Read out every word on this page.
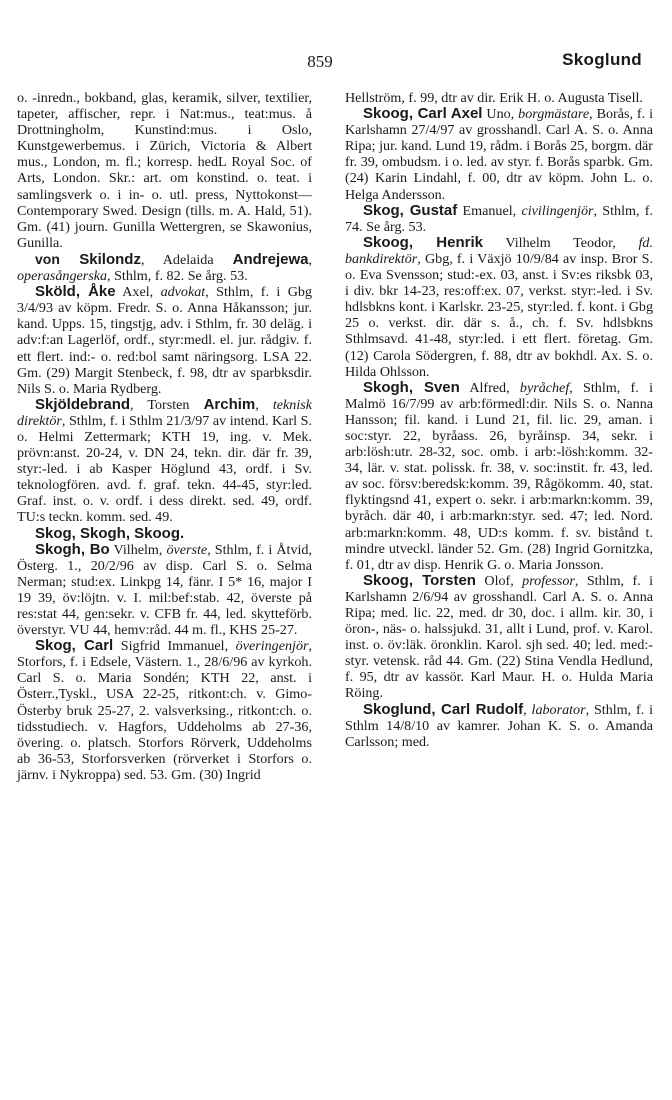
859	Skoglund

o. -inredn., bokband, glas, keramik, silver, textilier, tapeter, affischer, repr. i Nat:mus., teat:mus. å Drottningholm, Kunstind:mus. i Oslo, Kunstgewerbemus. i Zürich, Victoria & Albert mus., London, m. fl.; korresp. hedL Royal Soc. of Arts, London. Skr.: art. om konstind. o. teat. i samlingsverk o. i in- o. utl. press, Nyttokonst—Contemporary Swed. Design (tills. m. A. Hald, 51). Gm. (41) journ. Gunilla Wettergren, se Skawonius, Gunilla.

von Skilondz, Adelaida Andrejewa, operasångerska, Sthlm, f. 82. Se årg. 53.

Sköld, Åke Axel, advokat, Sthlm, f. i Gbg 3/4/93 av köpm. Fredr. S. o. Anna Håkansson; jur. kand. Upps. 15, tingstjg, adv. i Sthlm, fr. 30 deläg. i adv:f:an Lagerlöf, ordf., styr:medl. el. jur. rådgiv. f. ett flert. ind:- o. red:bol samt näringsorg. LSA 22. Gm. (29) Margit Stenbeck, f. 98, dtr av sparbksdir. Nils S. o. Maria Rydberg.

Skjöldebrand, Torsten Archim, teknisk direktör, Sthlm, f. i Sthlm 21/3/97 av intend. Karl S. o. Helmi Zettermark; KTH 19, ing. v. Mek. prövn:anst. 20-24, v. DN 24, tekn. dir. där fr. 39, styr:-led. i ab Kasper Höglund 43, ordf. i Sv. teknologfören. avd. f. graf. tekn. 44-45, styr:led. Graf. inst. o. v. ordf. i dess direkt. sed. 49, ordf. TU:s teckn. komm. sed. 49.

Skog, Skogh, Skoog.

Skogh, Bo Vilhelm, överste, Sthlm, f. i Åtvid, Österg. 1., 20/2/96 av disp. Carl S. o. Selma Nerman; stud:ex. Linkpg 14, fänr. I 5* 16, major I 19 39, öv:löjtn. v. I. mil:bef:stab. 42, överste på res:stat 44, gen:sekr. v. CFB fr. 44, led. skytteförb. överstyr. VU 44, hemv:råd. 44 m. fl., KHS 25-27.

Skog, Carl Sigfrid Immanuel, överingenjör, Storfors, f. i Edsele, Västern. 1., 28/6/96 av kyrkoh. Carl S. o. Maria Sondén; KTH 22, anst. i Österr.,Tyskl., USA 22-25, ritkont:ch. v. Gimo-Österby bruk 25-27, 2. valsverksing., ritkont:ch. o. tidsstudiech. v. Hagfors, Uddeholms ab 27-36, övering. o. platsch. Storfors Rörverk, Uddeholms ab 36-53, Storforsverken (rörverket i Storfors o. järnv. i Nykroppa) sed. 53. Gm. (30) Ingrid

Hellström, f. 99, dtr av dir. Erik H. o. Augusta Tisell.

Skoog, Carl Axel Uno, borgmästare, Borås, f. i Karlshamn 27/4/97 av grosshandl. Carl A. S. o. Anna Ripa; jur. kand. Lund 19, rådm. i Borås 25, borgm. där fr. 39, ombudsm. i o. led. av styr. f. Borås sparbk. Gm. (24) Karin Lindahl, f. 00, dtr av köpm. John L. o. Helga Andersson.

Skog, Gustaf Emanuel, civilingenjör, Sthlm, f. 74. Se årg. 53.

Skoog, Henrik Vilhelm Teodor, fd. bankdirektör, Gbg, f. i Växjö 10/9/84 av insp. Bror S. o. Eva Svensson; stud:-ex. 03, anst. i Sv:es riksbk 03, i div. bkr 14-23, res:off:ex. 07, verkst. styr:-led. i Sv. hdlsbkns kont. i Karlskr. 23-25, styr:led. f. kont. i Gbg 25 o. verkst. dir. där s. å., ch. f. Sv. hdlsbkns Sthlmsavd. 41-48, styr:led. i ett flert. företag. Gm. (12) Carola Södergren, f. 88, dtr av bokhdl. Ax. S. o. Hilda Ohlsson.

Skogh, Sven Alfred, byråchef, Sthlm, f. i Malmö 16/7/99 av arb:förmedl:dir. Nils S. o. Nanna Hansson; fil. kand. i Lund 21, fil. lic. 29, aman. i soc:styr. 22, byråass. 26, byråinsp. 34, sekr. i arb:lösh:utr. 28-32, soc. omb. i arb:-lösh:komm. 32-34, lär. v. stat. polissk. fr. 38, v. soc:instit. fr. 43, led. av soc. försv:beredsk:komm. 39, Rågökomm. 40, stat. flyktingsnd 41, expert o. sekr. i arb:markn:komm. 39, byråch. där 40, i arb:markn:styr. sed. 47; led. Nord. arb:markn:komm. 48, UD:s komm. f. sv. bistånd t. mindre utveckl. länder 52. Gm. (28) Ingrid Gornitzka, f. 01, dtr av disp. Henrik G. o. Maria Jonsson.

Skoog, Torsten Olof, professor, Sthlm, f. i Karlshamn 2/6/94 av grosshandl. Carl A. S. o. Anna Ripa; med. lic. 22, med. dr 30, doc. i allm. kir. 30, i öron-, näs- o. halssjukd. 31, allt i Lund, prof. v. Karol. inst. o. öv:läk. öronklin. Karol. sjh sed. 40; led. med:-styr. vetensk. råd 44. Gm. (22) Stina Vendla Hedlund, f. 95, dtr av kassör. Karl Maur. H. o. Hulda Maria Röing.

Skoglund, Carl Rudolf, laborator, Sthlm, f. i Sthlm 14/8/10 av kamrer. Johan K. S. o. Amanda Carlsson; med.
